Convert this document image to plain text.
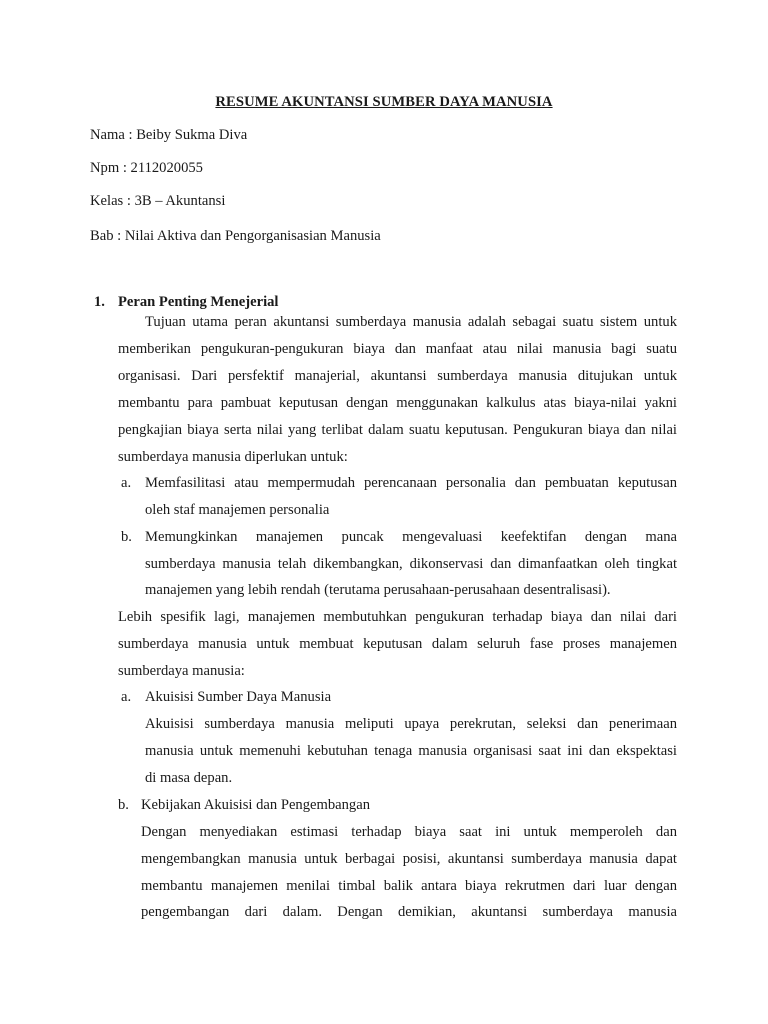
RESUME AKUNTANSI SUMBER DAYA MANUSIA
Nama : Beiby Sukma Diva
Npm : 2112020055
Kelas : 3B – Akuntansi
Bab : Nilai Aktiva dan Pengorganisasian Manusia
1. Peran Penting Menejerial
Tujuan utama peran akuntansi sumberdaya manusia adalah sebagai suatu sistem untuk
memberikan pengukuran-pengukuran biaya dan manfaat atau nilai manusia bagi suatu
organisasi. Dari persfektif manajerial, akuntansi sumberdaya manusia ditujukan untuk
membantu para pambuat keputusan dengan menggunakan kalkulus atas biaya-nilai yakni
pengkajian biaya serta nilai yang terlibat dalam suatu keputusan. Pengukuran biaya dan nilai
sumberdaya manusia diperlukan untuk:
a. Memfasilitasi atau mempermudah perencanaan personalia dan pembuatan keputusan
oleh staf manajemen personalia
b. Memungkinkan manajemen puncak mengevaluasi keefektifan dengan mana
sumberdaya manusia telah dikembangkan, dikonservasi dan dimanfaatkan oleh tingkat
manajemen yang lebih rendah (terutama perusahaan-perusahaan desentralisasi).
Lebih spesifik lagi, manajemen membutuhkan pengukuran terhadap biaya dan nilai dari
sumberdaya manusia untuk membuat keputusan dalam seluruh fase proses manajemen
sumberdaya manusia:
a. Akuisisi Sumber Daya Manusia
Akuisisi sumberdaya manusia meliputi upaya perekrutan, seleksi dan penerimaan
manusia untuk memenuhi kebutuhan tenaga manusia organisasi saat ini dan ekspektasi
di masa depan.
b. Kebijakan Akuisisi dan Pengembangan
Dengan menyediakan estimasi terhadap biaya saat ini untuk memperoleh dan
mengembangkan manusia untuk berbagai posisi, akuntansi sumberdaya manusia dapat
membantu manajemen menilai timbal balik antara biaya rekrutmen dari luar dengan
pengembangan dari dalam. Dengan demikian, akuntansi sumberdaya manusia
